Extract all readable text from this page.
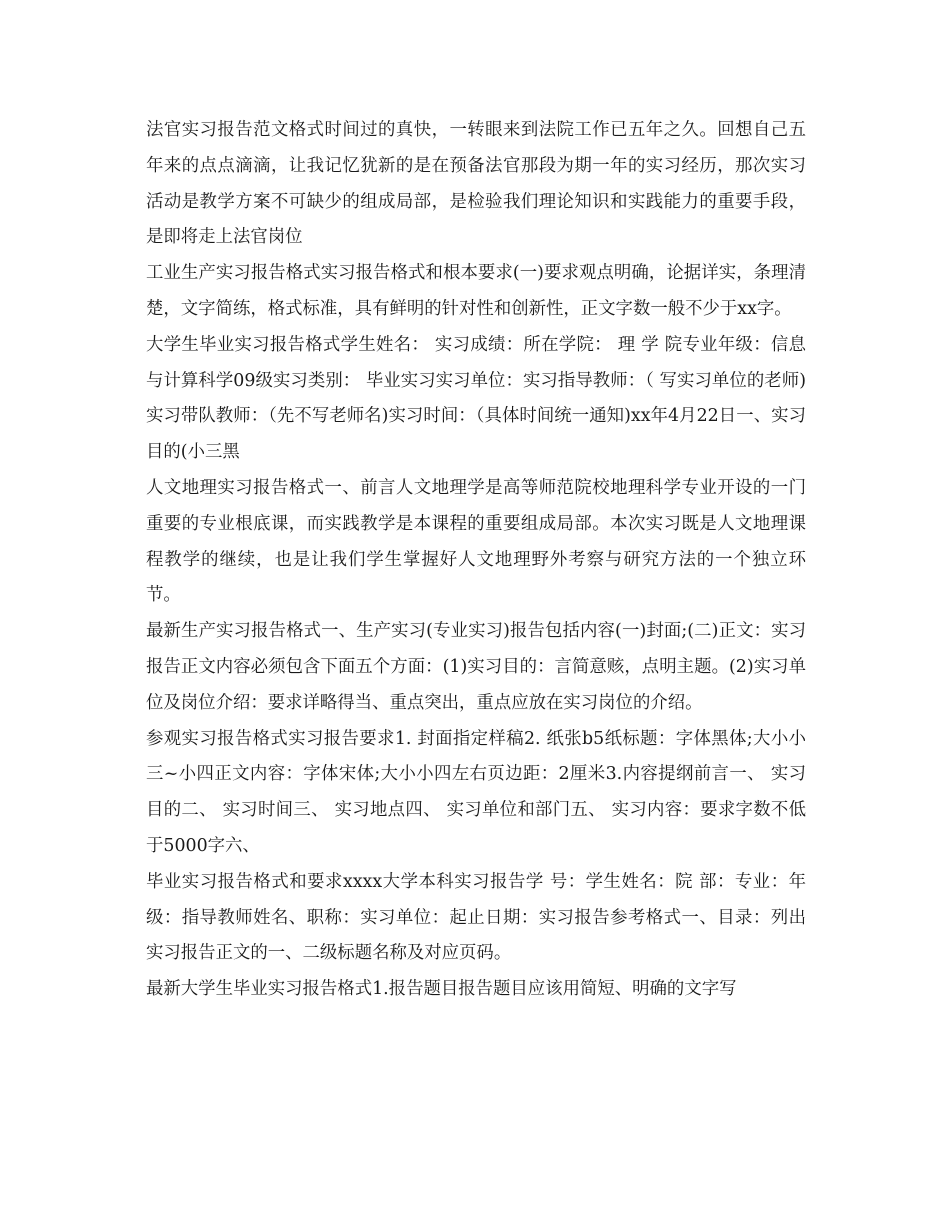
法官实习报告范文格式时间过的真快，一转眼来到法院工作已五年之久。回想自己五年来的点点滴滴，让我记忆犹新的是在预备法官那段为期一年的实习经历，那次实习活动是教学方案不可缺少的组成局部，是检验我们理论知识和实践能力的重要手段，是即将走上法官岗位

工业生产实习报告格式实习报告格式和根本要求(一)要求观点明确，论据详实，条理清楚，文字简练，格式标准，具有鲜明的针对性和创新性，正文字数一般不少于xx字。

大学生毕业实习报告格式学生姓名： 实习成绩：所在学院： 理 学 院专业年级：信息与计算科学09级实习类别： 毕业实习实习单位：实习指导教师：（ 写实习单位的老师)实习带队教师：（先不写老师名)实习时间：（具体时间统一通知)xx年4月22日一、实习目的(小三黑

人文地理实习报告格式一、前言人文地理学是高等师范院校地理科学专业开设的一门重要的专业根底课，而实践教学是本课程的重要组成局部。本次实习既是人文地理课程教学的继续，也是让我们学生掌握好人文地理野外考察与研究方法的一个独立环节。

最新生产实习报告格式一、生产实习(专业实习)报告包括内容(一)封面;(二)正文：实习报告正文内容必须包含下面五个方面：(1)实习目的：言简意赅，点明主题。(2)实习单位及岗位介绍：要求详略得当、重点突出，重点应放在实习岗位的介绍。

参观实习报告格式实习报告要求1. 封面指定样稿2. 纸张b5纸标题：字体黑体;大小小三~小四正文内容：字体宋体;大小小四左右页边距：2厘米3.内容提纲前言一、 实习目的二、 实习时间三、 实习地点四、 实习单位和部门五、 实习内容：要求字数不低于5000字六、

毕业实习报告格式和要求xxxx大学本科实习报告学 号：学生姓名：院 部：专业：年 级：指导教师姓名、职称：实习单位：起止日期：实习报告参考格式一、目录：列出实习报告正文的一、二级标题名称及对应页码。

最新大学生毕业实习报告格式1.报告题目报告题目应该用简短、明确的文字写
